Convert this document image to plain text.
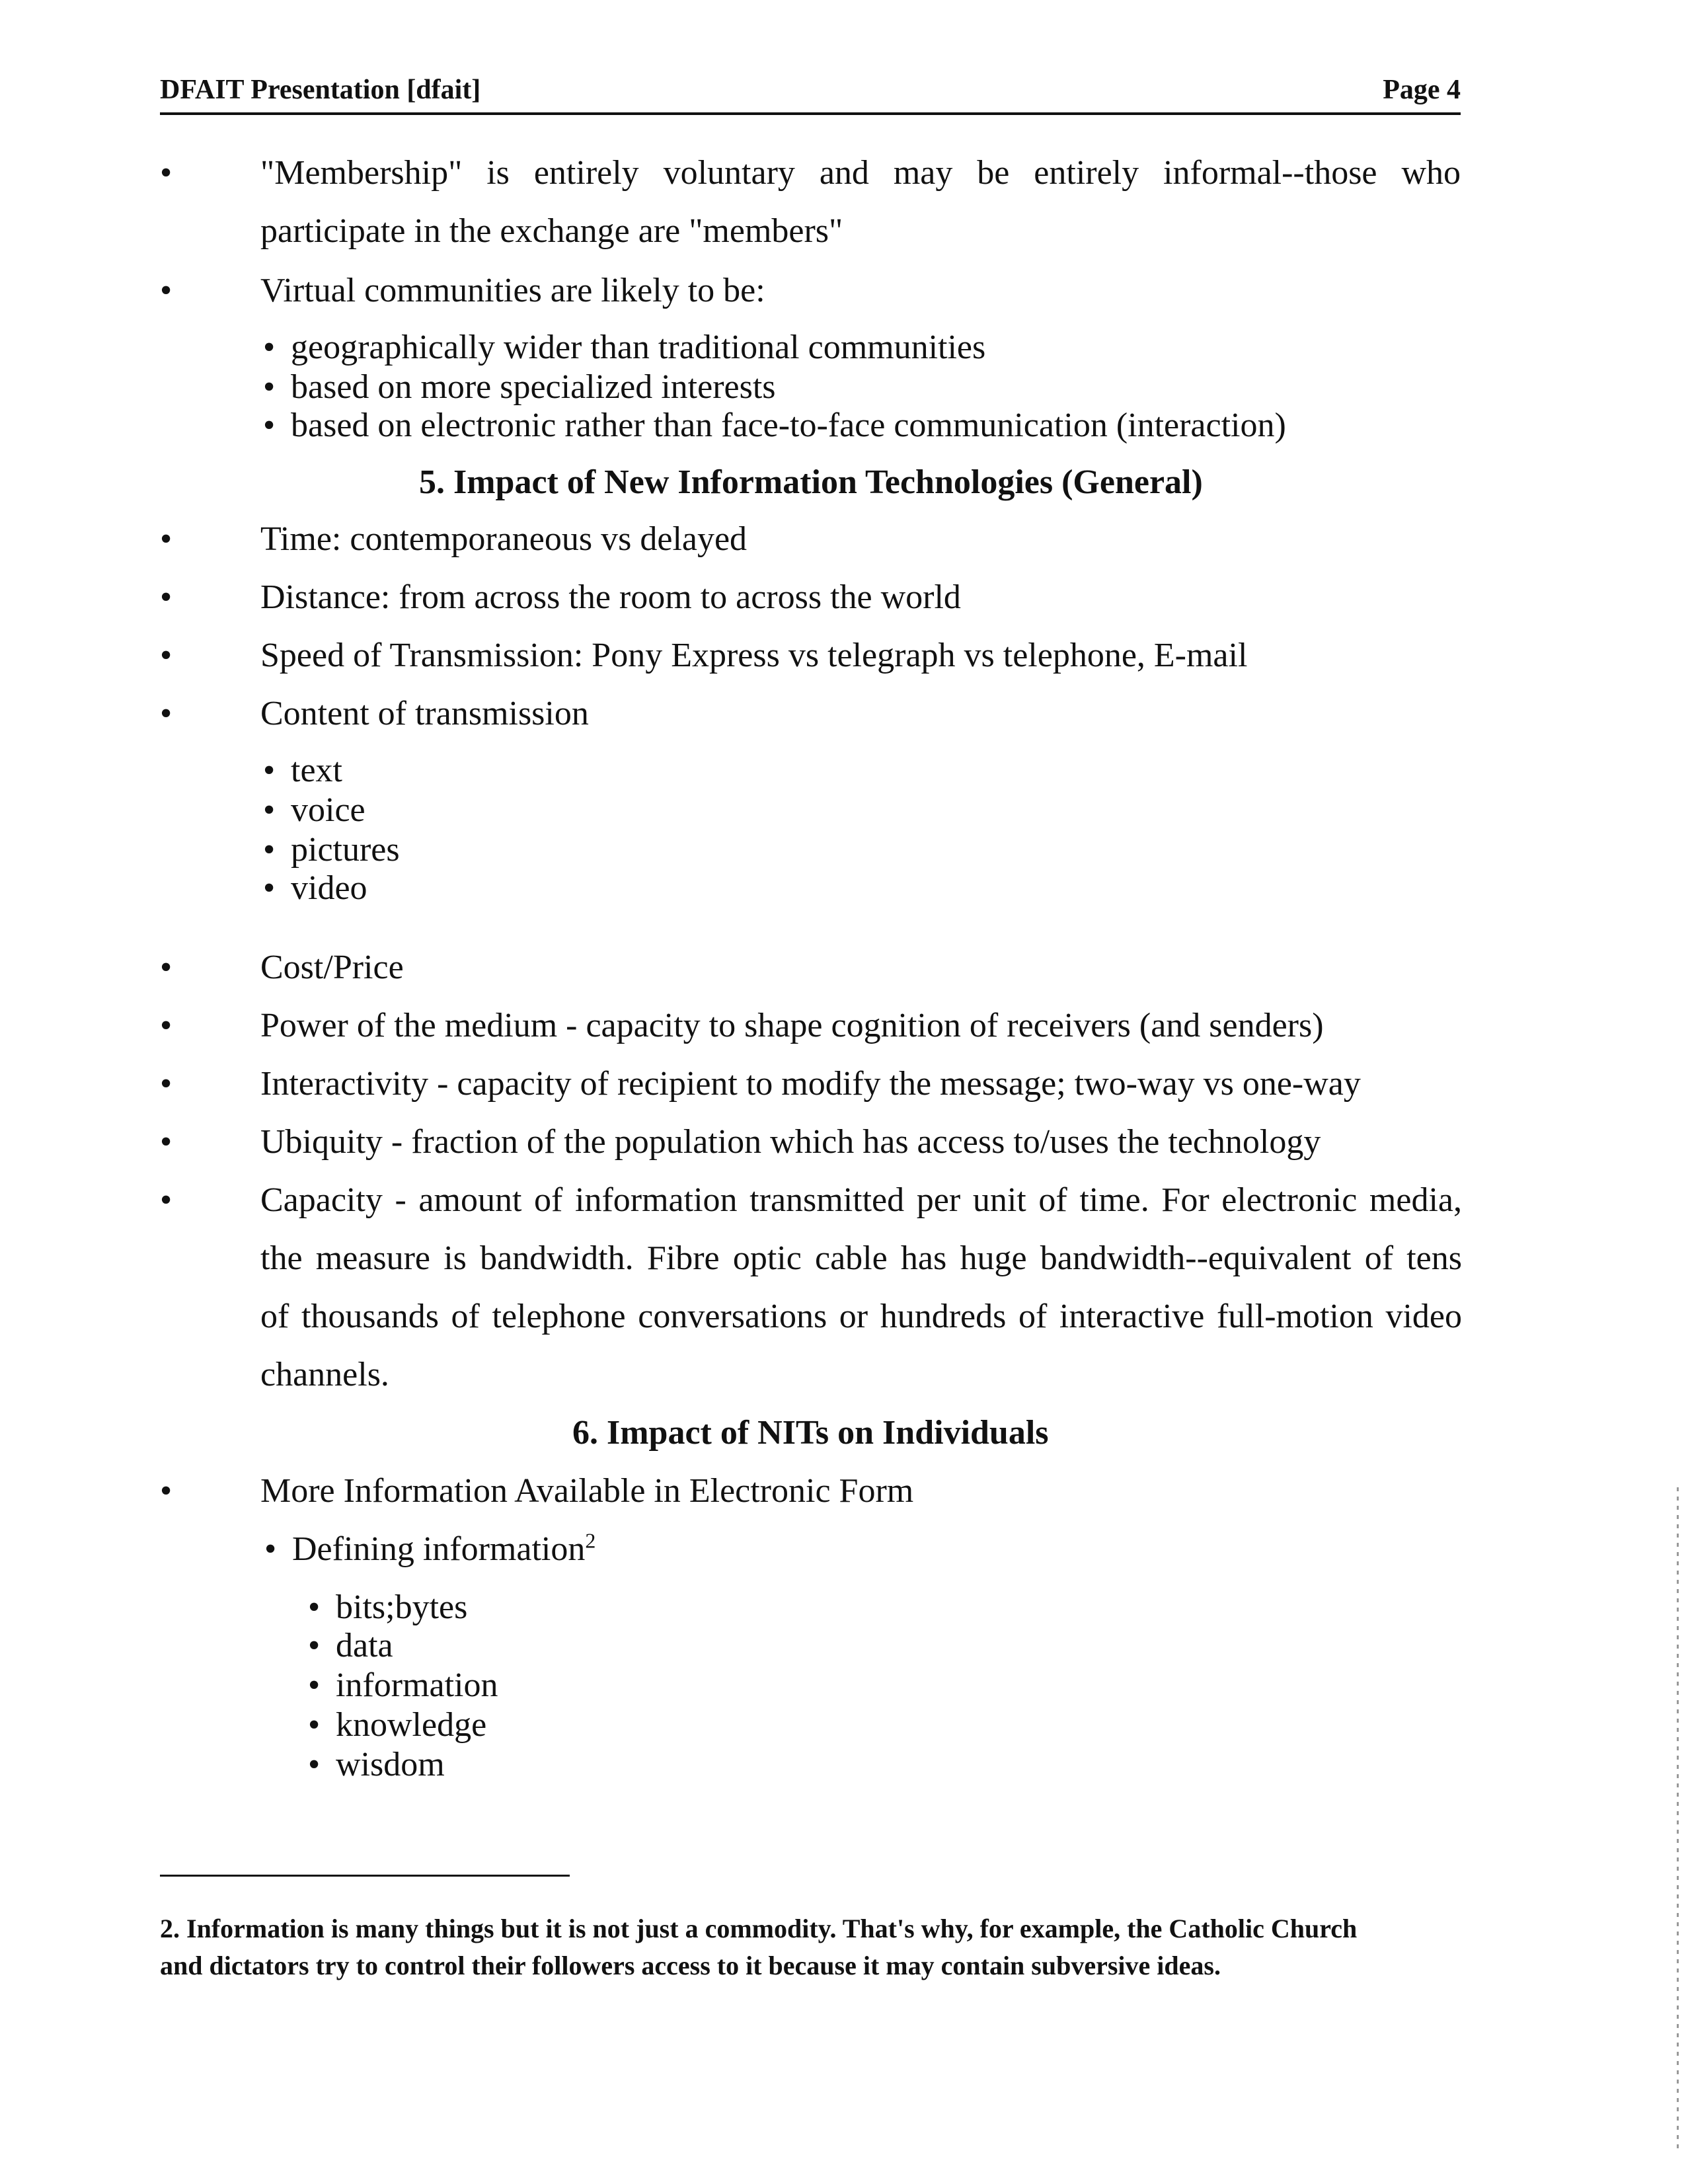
DFAIT Presentation [dfait]	Page 4
•
"Membership" is entirely voluntary and may be entirely informal--those who
participate in the exchange are "members"
•
Virtual communities are likely to be:
• geographically wider than traditional communities
• based on more specialized interests
• based on electronic rather than face-to-face communication (interaction)
5. Impact of New Information Technologies (General)
•
Time: contemporaneous vs delayed
•
Distance: from across the room to across the world
•
Speed of Transmission: Pony Express vs telegraph vs telephone, E-mail
•
Content of transmission
• text
• voice
• pictures
• video
•
Cost/Price
•
Power of the medium - capacity to shape cognition of receivers (and senders)
•
Interactivity - capacity of recipient to modify the message; two-way vs one-way
•
Ubiquity - fraction of the population which has access to/uses the technology
•
Capacity - amount of information transmitted per unit of time. For electronic media,
the measure is bandwidth. Fibre optic cable has huge bandwidth--equivalent of tens
of thousands of telephone conversations or hundreds of interactive full-motion video
channels.
6. Impact of NITs on Individuals
•
More Information Available in Electronic Form
• Defining information$^2$
• bits;bytes
• data
• information
• knowledge
• wisdom
2. Information is many things but it is not just a commodity. That's why, for example, the Catholic Church
and dictators try to control their followers access to it because it may contain subversive ideas.
